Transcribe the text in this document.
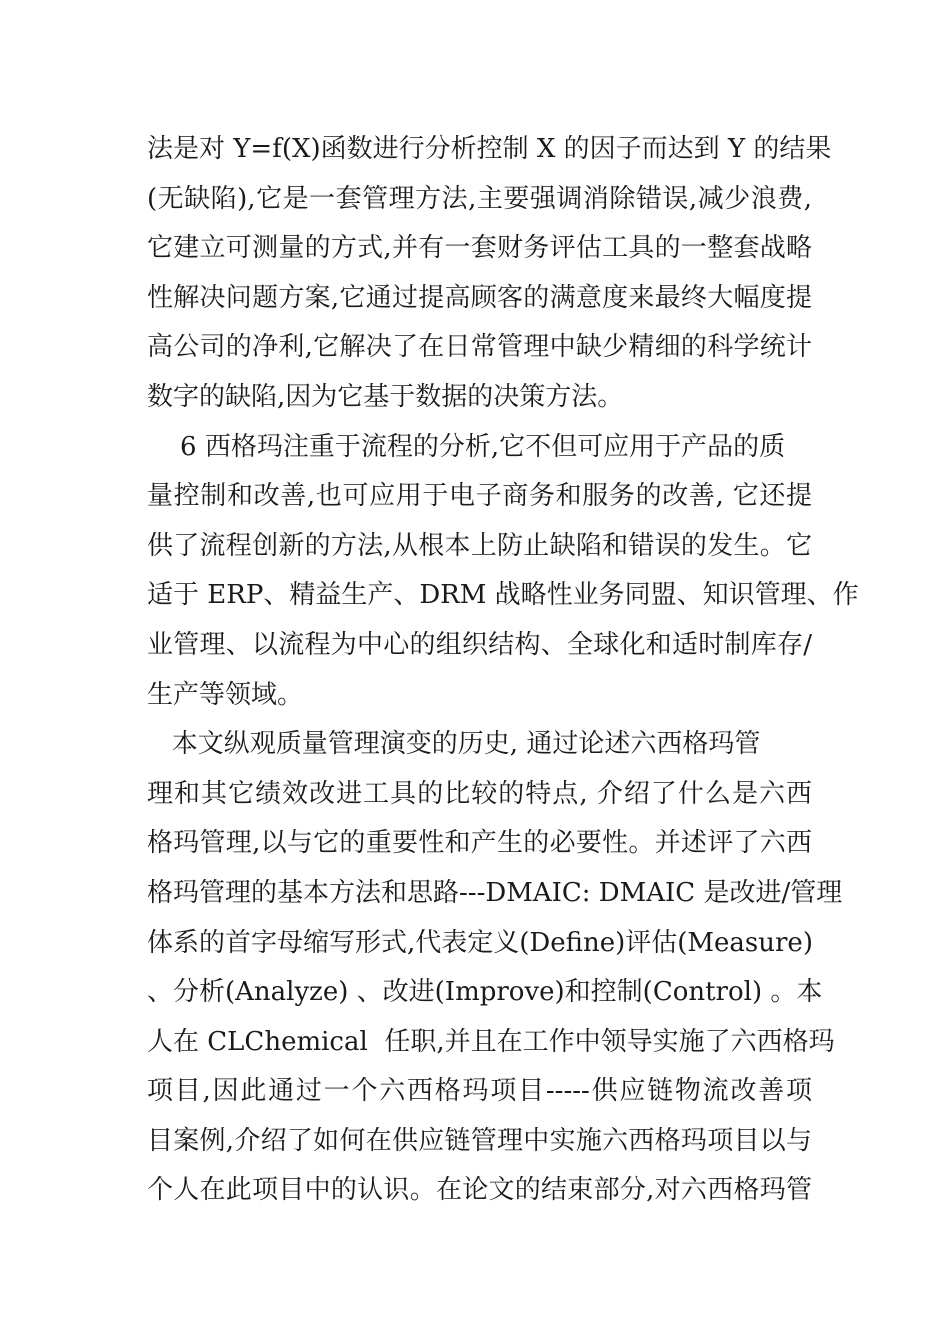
法是对 Y=f(X)函数进行分析控制 X 的因子而达到 Y 的结果
(无缺陷),它是一套管理方法,主要强调消除错误,减少浪费,
它建立可测量的方式,并有一套财务评估工具的一整套战略
性解决问题方案,它通过提高顾客的满意度来最终大幅度提
高公司的净利,它解决了在日常管理中缺少精细的科学统计
数字的缺陷,因为它基于数据的决策方法。
6 西格玛注重于流程的分析,它不但可应用于产品的质
量控制和改善,也可应用于电子商务和服务的改善, 它还提
供了流程创新的方法,从根本上防止缺陷和错误的发生。它
适于 ERP、精益生产、DRM 战略性业务同盟、知识管理、作
业管理、以流程为中心的组织结构、全球化和适时制库存/
生产等领域。
本文纵观质量管理演变的历史, 通过论述六西格玛管
理和其它绩效改进工具的比较的特点, 介绍了什么是六西
格玛管理,以与它的重要性和产生的必要性。并述评了六西
格玛管理的基本方法和思路---DMAIC: DMAIC 是改进/管理
体系的首字母缩写形式,代表定义(Define)评估(Measure)
、分析(Analyze) 、改进(Improve)和控制(Control) 。本
人在 CLChemical  任职,并且在工作中领导实施了六西格玛
项目,因此通过一个六西格玛项目-----供应链物流改善项
目案例,介绍了如何在供应链管理中实施六西格玛项目以与
个人在此项目中的认识。在论文的结束部分,对六西格玛管
